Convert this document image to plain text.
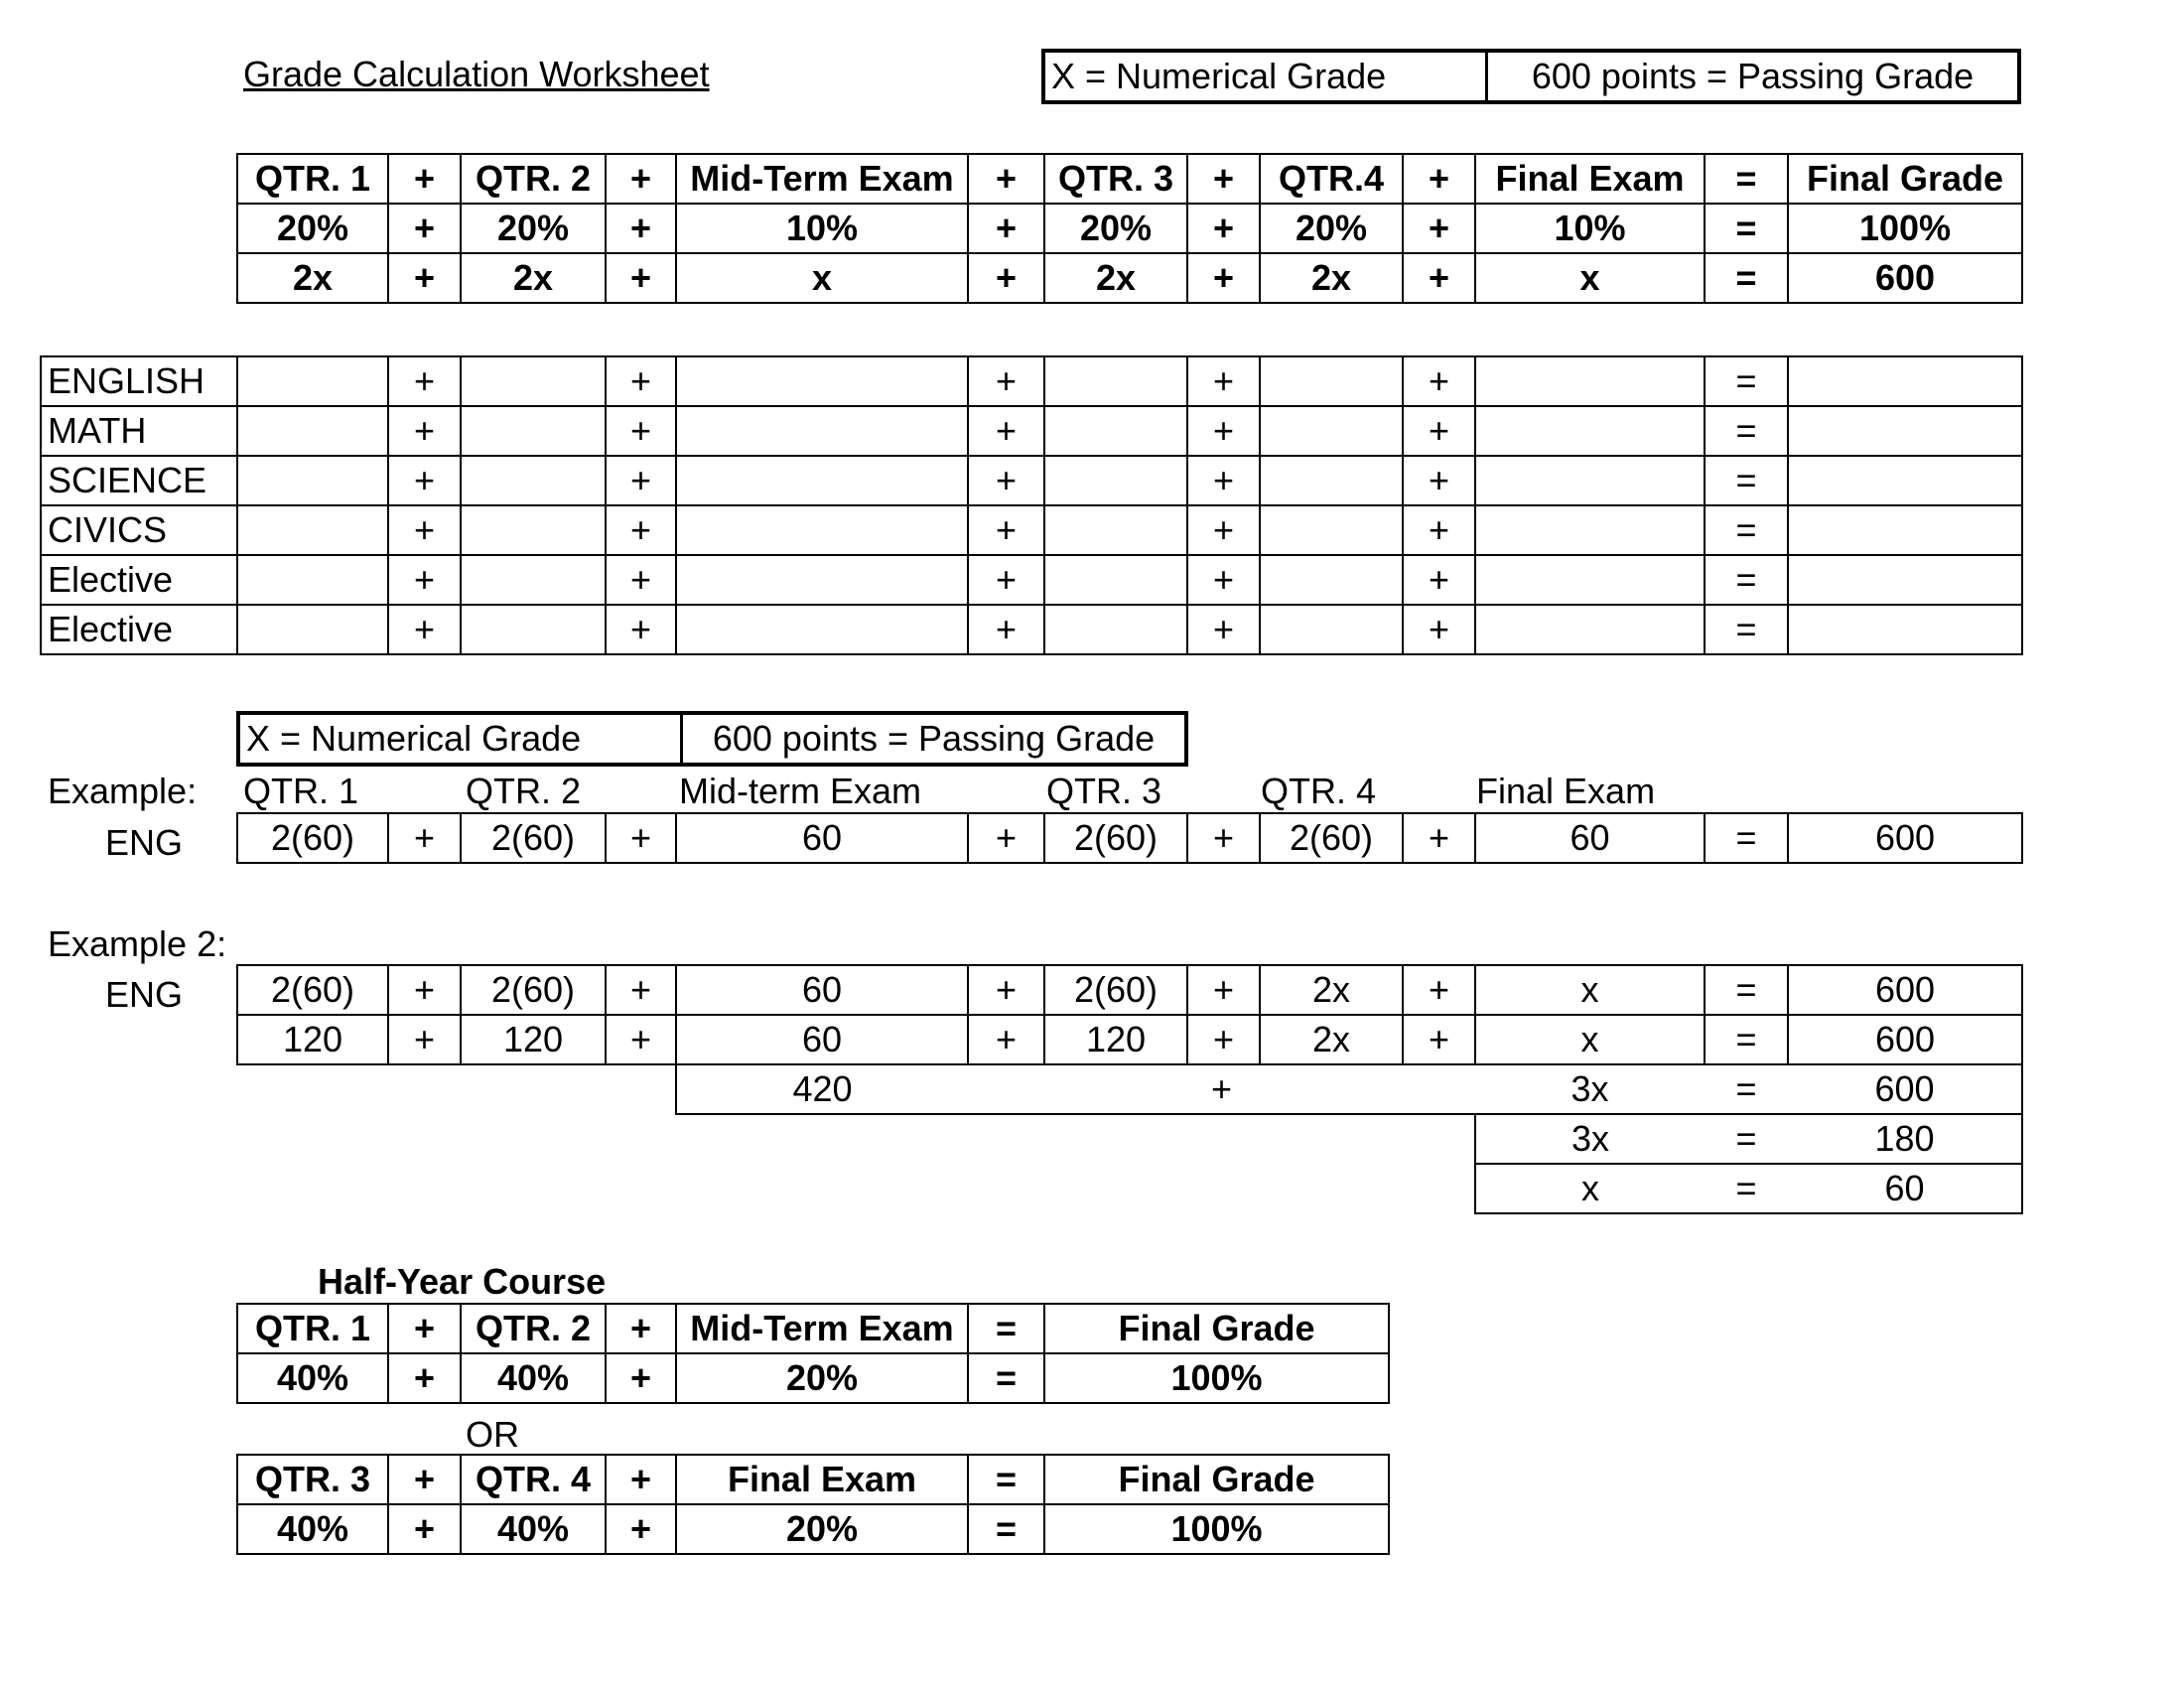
Grade Calculation Worksheet	X = Numerical Grade	600 points = Passing Grade
QTR. 1	+	QTR. 2	+	Mid-Term Exam	+	QTR. 3	+	QTR.4	+	Final Exam	=	Final Grade
20%	+	20%	+	10%	+	20%	+	20%	+	10%	=	100%
2x	+	2x	+	x	+	2x	+	2x	+	x	=	600
ENGLISH		+		+		+		+		+		=	
MATH		+		+		+		+		+		=	
SCIENCE		+		+		+		+		+		=	
CIVICS		+		+		+		+		+		=	
Elective		+		+		+		+		+		=	
Elective		+		+		+		+		+		=	
X = Numerical Grade	600 points = Passing Grade
Example: QTR. 1	QTR. 2	Mid-term Exam	QTR. 3	QTR. 4	Final Exam
ENG 2(60)	+	2(60)	+	60	+	2(60)	+	2(60)	+	60	=	600
Example 2:
ENG 2(60)	+	2(60)	+	60	+	2(60)	+	2x	+	x	=	600
120	+	120	+	60	+	120	+	2x	+	x	=	600
				420	+					3x	=	600
										3x	=	180
										x	=	60
Half-Year Course
QTR. 1	+	QTR. 2	+	Mid-Term Exam	=	Final Grade
40%	+	40%	+	20%	=	100%
OR
QTR. 3	+	QTR. 4	+	Final Exam	=	Final Grade
40%	+	40%	+	20%	=	100%
